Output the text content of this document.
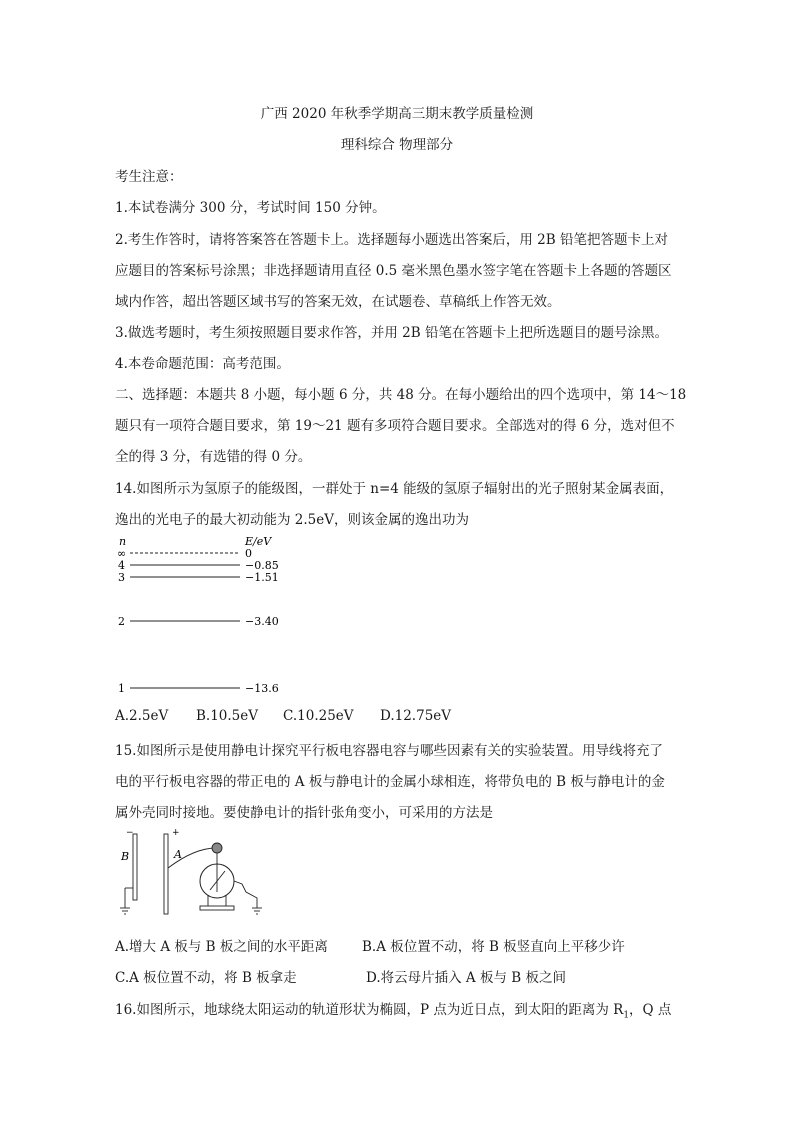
广西 2020 年秋季学期高三期末教学质量检测
理科综合 物理部分
考生注意：
1.本试卷满分 300 分，考试时间 150 分钟。
2.考生作答时，请将答案答在答题卡上。选择题每小题选出答案后，用 2B 铅笔把答题卡上对
应题目的答案标号涂黑；非选择题请用直径 0.5 毫米黑色墨水签字笔在答题卡上各题的答题区
域内作答，超出答题区域书写的答案无效，在试题卷、草稿纸上作答无效。
3.做选考题时，考生须按照题目要求作答，并用 2B 铅笔在答题卡上把所选题目的题号涂黑。
4.本卷命题范围：高考范围。
二、选择题：本题共 8 小题，每小题 6 分，共 48 分。在每小题给出的四个选项中，第 14～18
题只有一项符合题目要求，第 19～21 题有多项符合题目要求。全部选对的得 6 分，选对但不
全的得 3 分，有选错的得 0 分。
14.如图所示为氢原子的能级图，一群处于 n=4 能级的氢原子辐射出的光子照射某金属表面，
逸出的光电子的最大初动能为 2.5eV，则该金属的逸出功为
n	E/eV
∞	0
4	−0.85
3	−1.51
2	−3.40
1	−13.6
A.2.5eV B.10.5eV C.10.25eV D.12.75eV
15.如图所示是使用静电计探究平行板电容器电容与哪些因素有关的实验装置。用导线将充了
电的平行板电容器的带正电的 A 板与静电计的金属小球相连，将带负电的 B 板与静电计的金
属外壳同时接地。要使静电计的指针张角变小，可采用的方法是
−
B
+
A
A.增大 A 板与 B 板之间的水平距离	B.A 板位置不动，将 B 板竖直向上平移少许
C.A 板位置不动，将 B 板拿走	D.将云母片插入 A 板与 B 板之间
16.如图所示，地球绕太阳运动的轨道形状为椭圆，P 点为近日点，到太阳的距离为 $R_1$，Q 点
